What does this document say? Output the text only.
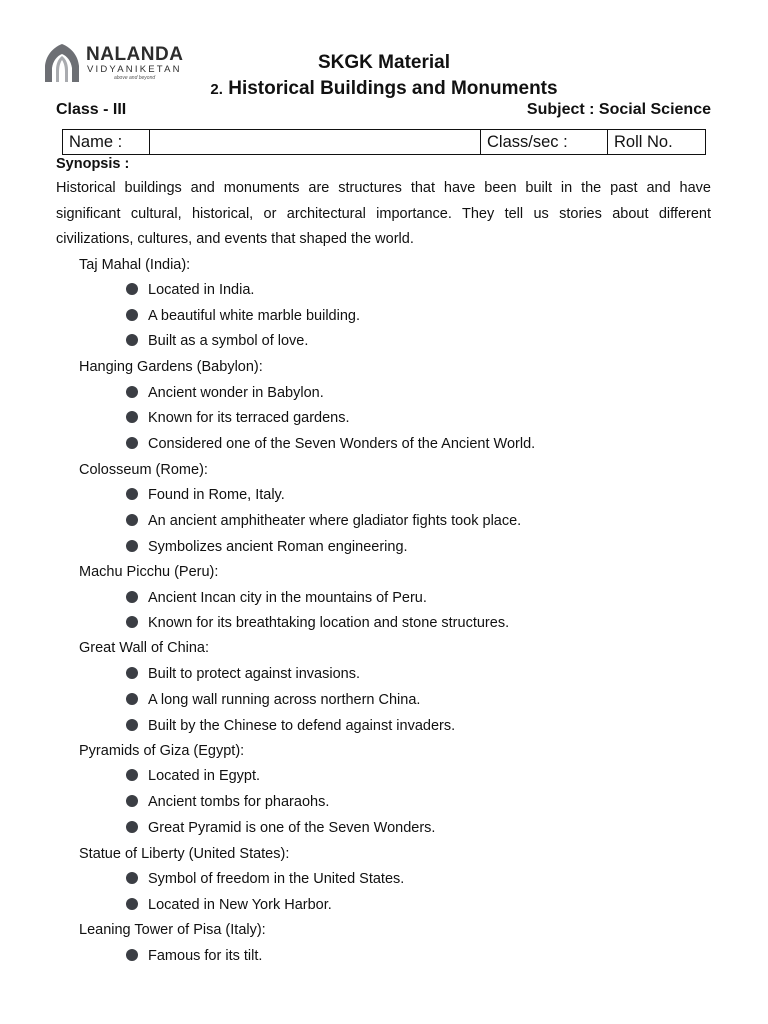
NALANDA
VIDYANIKETAN
above and beyond
SKGK Material
2. Historical Buildings and Monuments
Class - III	Subject : Social Science
Name :		Class/sec :	Roll No.
Synopsis :
Historical buildings and monuments are structures that have been built in the past and have significant cultural, historical, or architectural importance. They tell us stories about different civilizations, cultures, and events that shaped the world.
Taj Mahal (India):
Located in India.
A beautiful white marble building.
Built as a symbol of love.
Hanging Gardens (Babylon):
Ancient wonder in Babylon.
Known for its terraced gardens.
Considered one of the Seven Wonders of the Ancient World.
Colosseum (Rome):
Found in Rome, Italy.
An ancient amphitheater where gladiator fights took place.
Symbolizes ancient Roman engineering.
Machu Picchu (Peru):
Ancient Incan city in the mountains of Peru.
Known for its breathtaking location and stone structures.
Great Wall of China:
Built to protect against invasions.
A long wall running across northern China.
Built by the Chinese to defend against invaders.
Pyramids of Giza (Egypt):
Located in Egypt.
Ancient tombs for pharaohs.
Great Pyramid is one of the Seven Wonders.
Statue of Liberty (United States):
Symbol of freedom in the United States.
Located in New York Harbor.
Leaning Tower of Pisa (Italy):
Famous for its tilt.
